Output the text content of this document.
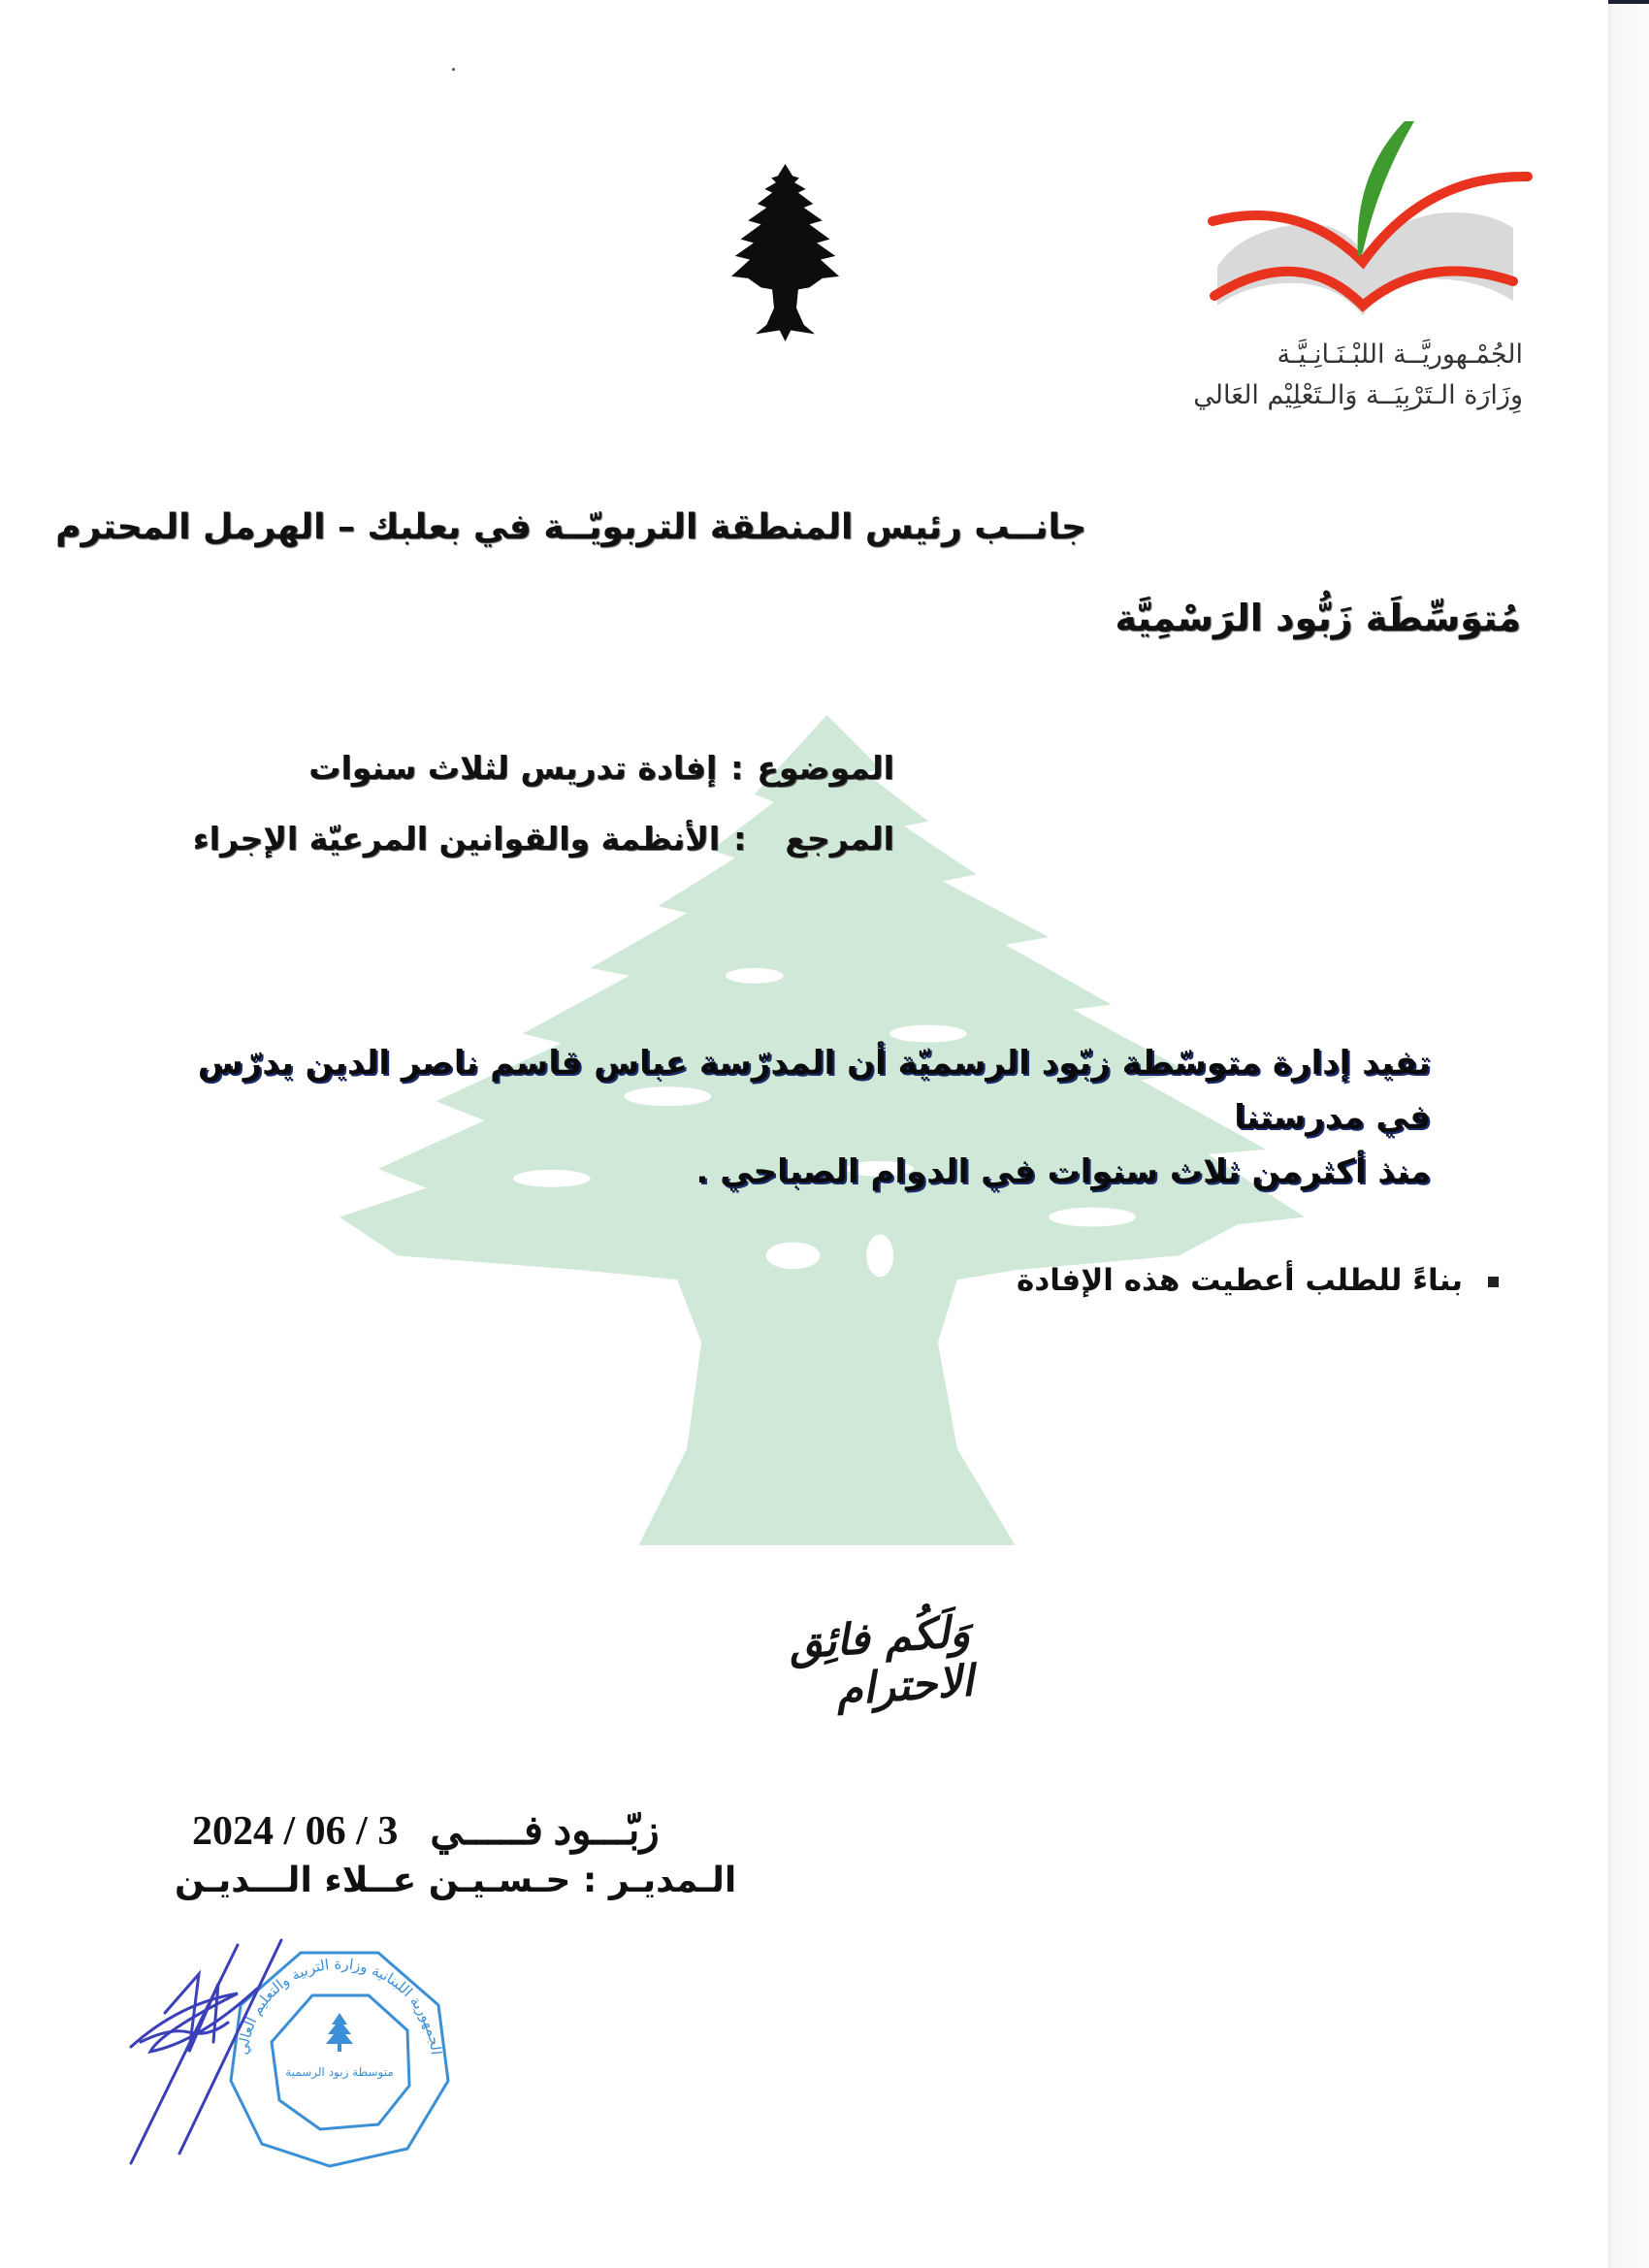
الجُمْـهوريَّــة اللبْـنَـانِـيَّـة
وِزَارَة الـتَرْبِيَــة وَالـتَعْلِيْم العَالي
جانــب رئيس المنطقة التربويّــة في بعلبك – الهرمل المحترم
مُتوَسِّطَة زَبُّود الرَسْمِيَّة
الموضوع:إفادة تدريس لثلاث سنوات
المرجع:الأنظمة والقوانين المرعيّة الإجراء
تفيد إدارة متوسّطة زبّود الرسميّة أن المدرّسة عباس قاسم ناصر الدين يدرّس في مدرستنا
منذ أكثرمن ثلاث سنوات في الدوام الصباحي .
بناءً للطلب أعطيت هذه الإفادة
وَلَكُم فائِق الاحترام
زبّـــود فـــــي  2024 / 06 / 3
الـمديـر : حـسـيـن عــلاء الـــديـن
متوسطة زبود الرسمية
الجمهورية اللبنانية وزارة التربية والتعليم العالي
